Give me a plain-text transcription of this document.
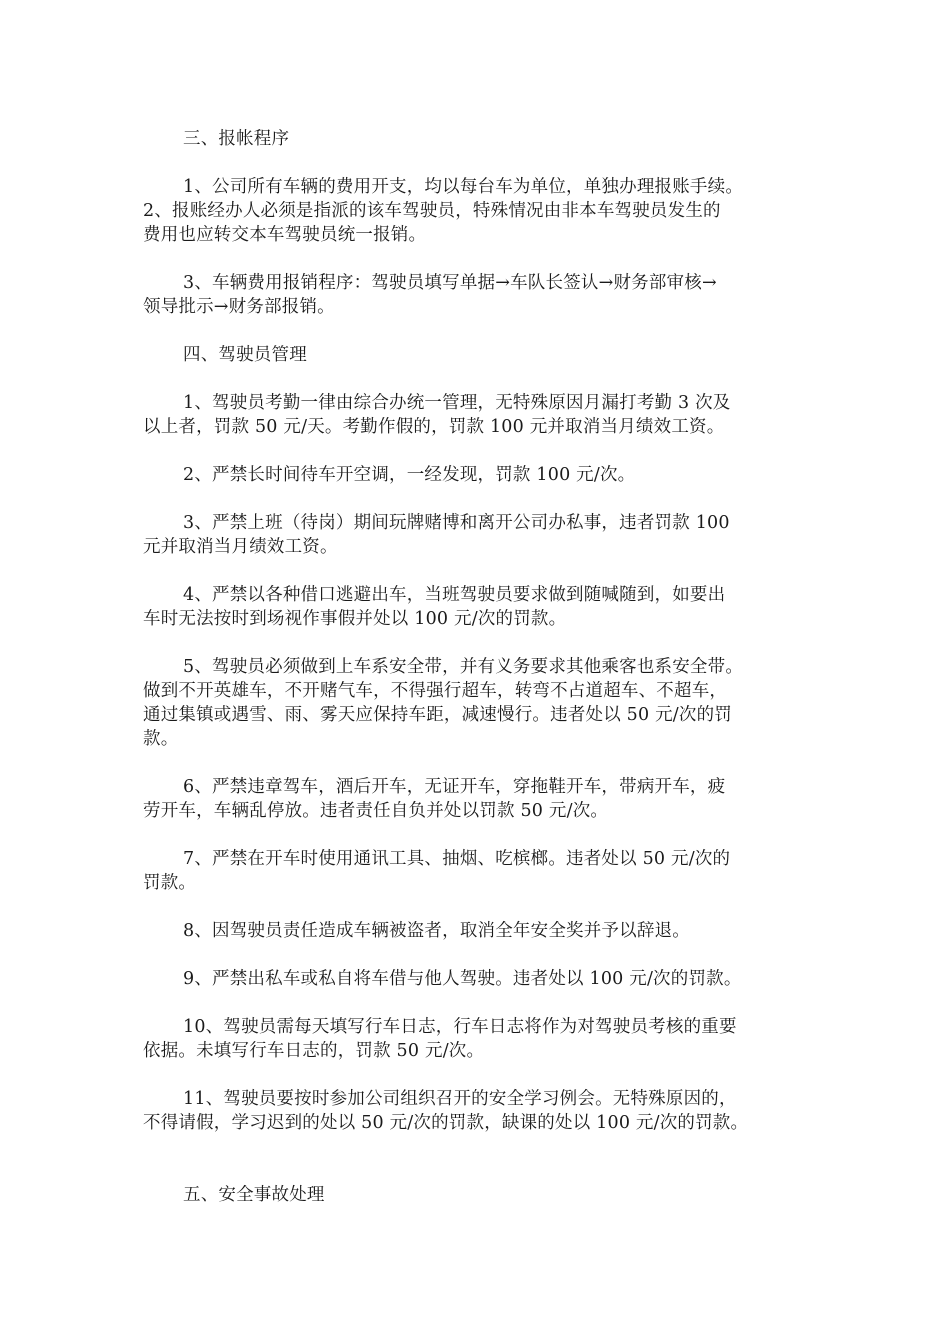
三、报帐程序
1、公司所有车辆的费用开支，均以每台车为单位，单独办理报账手续。
2、报账经办人必须是指派的该车驾驶员，特殊情况由非本车驾驶员发生的
费用也应转交本车驾驶员统一报销。
3、车辆费用报销程序：驾驶员填写单据→车队长签认→财务部审核→
领导批示→财务部报销。
四、驾驶员管理
1、驾驶员考勤一律由综合办统一管理，无特殊原因月漏打考勤 3 次及
以上者，罚款 50 元/天。考勤作假的，罚款 100 元并取消当月绩效工资。
2、严禁长时间待车开空调，一经发现，罚款 100 元/次。
3、严禁上班（待岗）期间玩牌赌博和离开公司办私事，违者罚款 100
元并取消当月绩效工资。
4、严禁以各种借口逃避出车，当班驾驶员要求做到随喊随到，如要出
车时无法按时到场视作事假并处以 100 元/次的罚款。
5、驾驶员必须做到上车系安全带，并有义务要求其他乘客也系安全带。
做到不开英雄车，不开赌气车，不得强行超车，转弯不占道超车、不超车，
通过集镇或遇雪、雨、雾天应保持车距，减速慢行。违者处以 50 元/次的罚
款。
6、严禁违章驾车，酒后开车，无证开车，穿拖鞋开车，带病开车，疲
劳开车，车辆乱停放。违者责任自负并处以罚款 50 元/次。
7、严禁在开车时使用通讯工具、抽烟、吃槟榔。违者处以 50 元/次的
罚款。
8、因驾驶员责任造成车辆被盗者，取消全年安全奖并予以辞退。
9、严禁出私车或私自将车借与他人驾驶。违者处以 100 元/次的罚款。
10、驾驶员需每天填写行车日志，行车日志将作为对驾驶员考核的重要
依据。未填写行车日志的，罚款 50 元/次。
11、驾驶员要按时参加公司组织召开的安全学习例会。无特殊原因的，
不得请假，学习迟到的处以 50 元/次的罚款，缺课的处以 100 元/次的罚款。
五、安全事故处理
